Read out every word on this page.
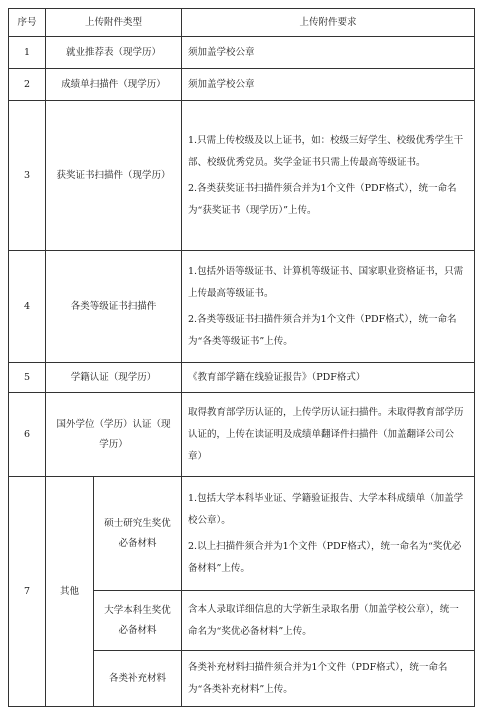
序号	上传附件类型		上传附件要求
1	就业推荐表（现学历）		须加盖学校公章

2	成绩单扫描件（现学历）		须加盖学校公章

3	获奖证书扫描件（现学历）		1.只需上传校级及以上证书，如：校级三好学生、校级优秀学生干部、校级优秀党员。奖学金证书只需上传最高等级证书。

2.各类获奖证书扫描件须合并为1个文件（PDF格式），统一命名为“获奖证书（现学历）”上传。

4	各类等级证书扫描件		1.包括外语等级证书、计算机等级证书、国家职业资格证书，只需上传最高等级证书。

2.各类等级证书扫描件须合并为1个文件（PDF格式），统一命名为“各类等级证书”上传。

5	学籍认证（现学历）		《教育部学籍在线验证报告》（PDF格式）

6	国外学位（学历）认证（现学历）		取得教育部学历认证的，上传学历认证扫描件。未取得教育部学历认证的，上传在读证明及成绩单翻译件扫描件（加盖翻译公司公章）

7	其他	硕士研究生奖优必备材料	1.包括大学本科毕业证、学籍验证报告、大学本科成绩单（加盖学校公章）。

2.以上扫描件须合并为1个文件（PDF格式），统一命名为“奖优必备材料”上传。

		大学本科生奖优必备材料	含本人录取详细信息的大学新生录取名册（加盖学校公章），统一命名为“奖优必备材料”上传。

		各类补充材料	各类补充材料扫描件须合并为1个文件（PDF格式），统一命名为“各类补充材料”上传。
